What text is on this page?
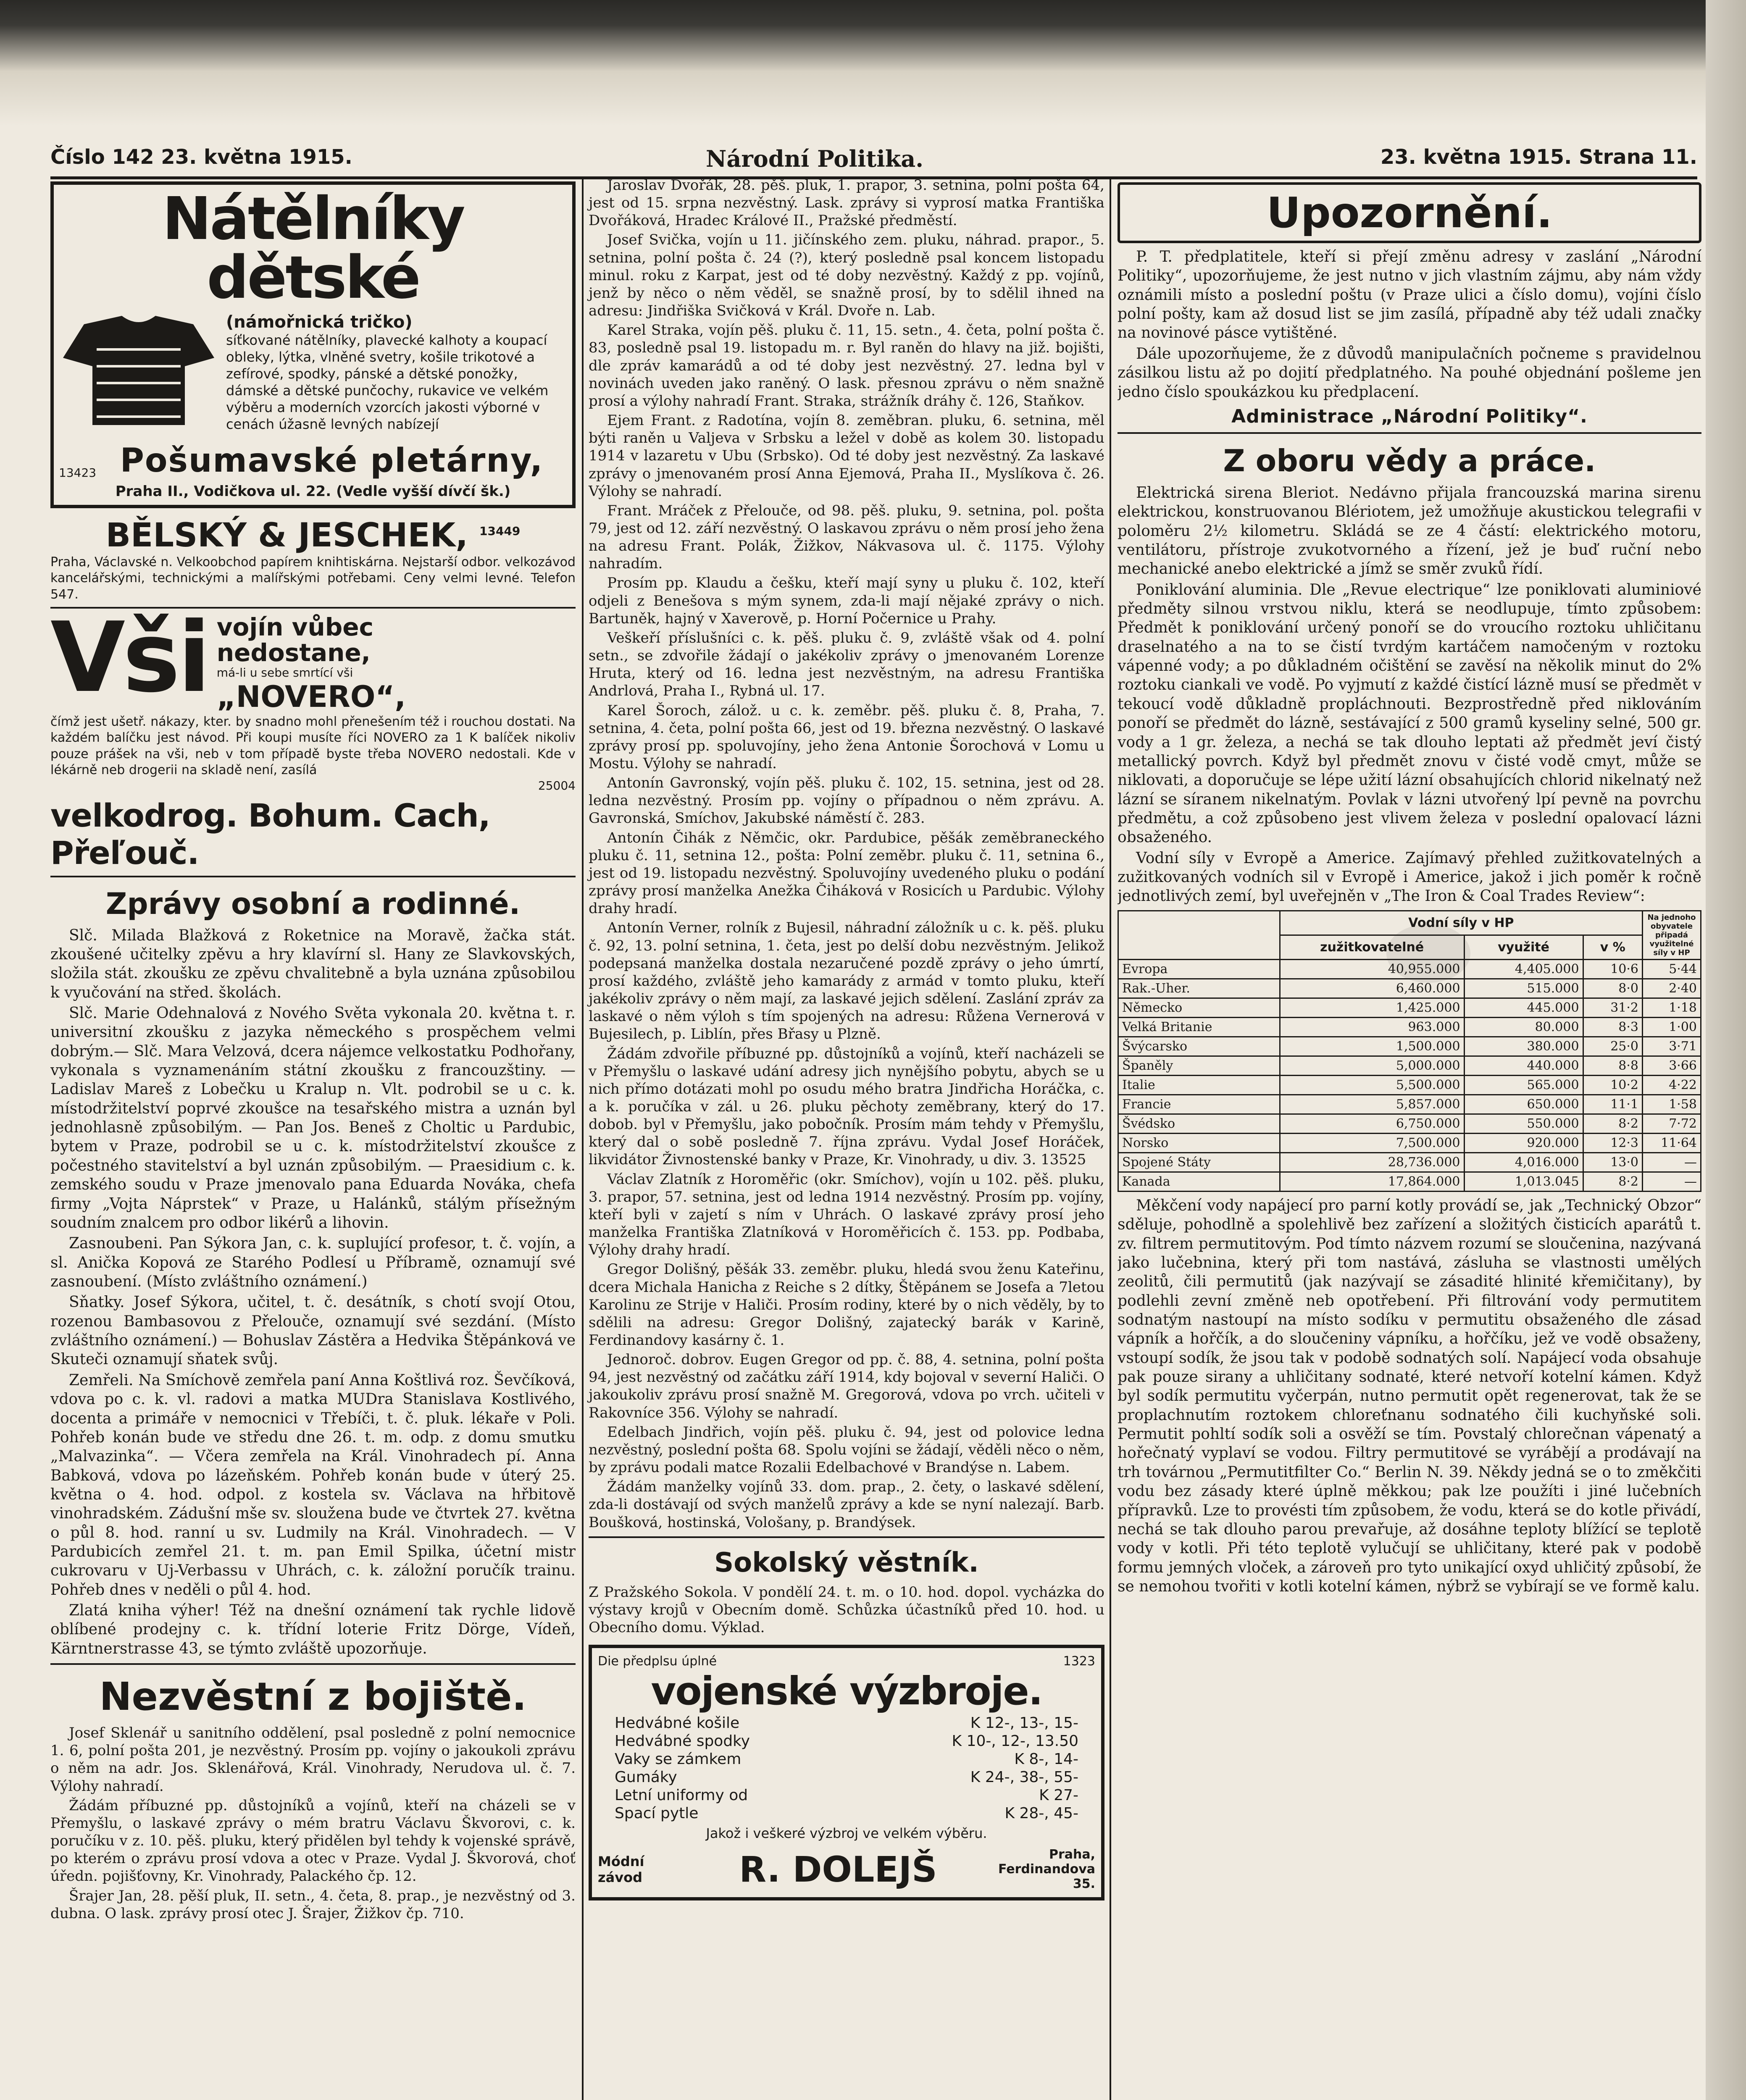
Číslo 142 23. května 1915.	Národní Politika.	23. května 1915. Strana 11.
Nátělníky dětské
(námořnická tričko)
síťkované nátělníky, plavecké kalhoty a koupací obleky, lýtka, vlněné svetry, košile trikotové a zefírové, spodky, pánské a dětské ponožky, dámské a dětské punčochy, rukavice ve velkém výběru a moderních vzorcích jakosti výborné v cenách úžasně levných nabízejí
13423 Pošumavské pletárny,
Praha II., Vodičkova ul. 22. (Vedle vyšší dívčí šk.)
BĚLSKÝ & JESCHEK, $^{13449}$
Praha, Václavské n. Velkoobchod papírem knihtiskárna. Nejstarší odbor. velkozávod kancelářskými, technickými a malířskými potřebami. Ceny velmi levné. Telefon 547.
Vši vojín vůbec
nedostane,
má-li u sebe smrtící vši
„NOVERO“,
čímž jest ušetř. nákazy, kter. by snadno mohl přenešením též i rouchou dostati. Na každém balíčku jest návod. Při koupi musíte říci NOVERO za 1 K balíček nikoliv pouze prášek na vši, neb v tom případě byste třeba NOVERO nedostali. Kde v lékárně neb drogerii na skladě není, zasílá
25004
velkodrog. Bohum. Cach, Přeľouč.
Zprávy osobní a rodinné.

Slč. Milada Blažková z Roketnice na Moravě, žačka stát. zkoušené učitelky zpěvu a hry klavírní sl. Hany ze Slavkovských, složila stát. zkoušku ze zpěvu chvalitebně a byla uznána způsobilou k vyučování na střed. školách.

Slč. Marie Odehnalová z Nového Světa vykonala 20. května t. r. universitní zkoušku z jazyka německého s prospěchem velmi dobrým.— Slč. Mara Velzová, dcera nájemce velkostatku Podhořany, vykonala s vyznamenáním státní zkoušku z francouzštiny. — Ladislav Mareš z Lobečku u Kralup n. Vlt. podrobil se u c. k. místodržitelství poprvé zkoušce na tesařského mistra a uznán byl jednohlasně způsobilým. — Pan Jos. Beneš z Choltic u Pardubic, bytem v Praze, podrobil se u c. k. místodržitelství zkoušce z počestného stavitelství a byl uznán způsobilým. — Praesidium c. k. zemského soudu v Praze jmenovalo pana Eduarda Nováka, chefa firmy „Vojta Náprstek“ v Praze, u Halánků, stálým přísežným soudním znalcem pro odbor likérů a lihovin.

Zasnoubeni. Pan Sýkora Jan, c. k. suplující profesor, t. č. vojín, a sl. Anička Kopová ze Starého Podlesí u Příbramě, oznamují své zasnoubení. (Místo zvláštního oznámení.)

Sňatky. Josef Sýkora, učitel, t. č. desátník, s chotí svojí Otou, rozenou Bambasovou z Přelouče, oznamují své sezdání. (Místo zvláštního oznámení.) — Bohuslav Zástěra a Hedvika Štěpánková ve Skuteči oznamují sňatek svůj.

Zemřeli. Na Smíchově zemřela paní Anna Koštlivá roz. Ševčíková, vdova po c. k. vl. radovi a matka MUDra Stanislava Kostlivého, docenta a primáře v nemocnici v Třebíči, t. č. pluk. lékaře v Poli. Pohřeb konán bude ve středu dne 26. t. m. odp. z domu smutku „Malvazinka“. — Včera zemřela na Král. Vinohradech pí. Anna Babková, vdova po lázeňském. Pohřeb konán bude v úterý 25. května o 4. hod. odpol. z kostela sv. Václava na hřbitově vinohradském. Zádušní mše sv. sloužena bude ve čtvrtek 27. května o půl 8. hod. ranní u sv. Ludmily na Král. Vinohradech. — V Pardubicích zemřel 21. t. m. pan Emil Spilka, účetní mistr cukrovaru v Uj-Verbassu v Uhrách, c. k. záložní poručík trainu. Pohřeb dnes v neděli o půl 4. hod.

Zlatá kniha výher! Též na dnešní oznámení tak rychle lidově oblíbené prodejny c. k. třídní loterie Fritz Dörge, Vídeň, Kärntnerstrasse 43, se týmto zvláště upozorňuje.

Nezvěstní z bojiště.

Josef Sklenář u sanitního oddělení, psal posledně z polní nemocnice 1. 6, polní pošta 201, je nezvěstný. Prosím pp. vojíny o jakoukoli zprávu o něm na adr. Jos. Sklenářová, Král. Vinohrady, Nerudova ul. č. 7. Výlohy nahradí.

Žádám příbuzné pp. důstojníků a vojínů, kteří na cházeli se v Přemyšlu, o laskavé zprávy o mém bratru Václavu Škvorovi, c. k. poručíku v z. 10. pěš. pluku, který přidělen byl tehdy k vojenské správě, po kterém o zprávu prosí vdova a otec v Praze. Vydal J. Škvorová, choť úředn. pojišťovny, Kr. Vinohrady, Palackého čp. 12.

Šrajer Jan, 28. pěší pluk, II. setn., 4. četa, 8. prap., je nezvěstný od 3. dubna. O lask. zprávy prosí otec J. Šrajer, Žižkov čp. 710.

Jaroslav Dvořák, 28. pěš. pluk, 1. prapor, 3. setnina, polní pošta 64, jest od 15. srpna nezvěstný. Lask. zprávy si vyprosí matka Františka Dvořáková, Hradec Králové II., Pražské předměstí.

Josef Svička, vojín u 11. jičínského zem. pluku, náhrad. prapor., 5. setnina, polní pošta č. 24 (?), který posledně psal koncem listopadu minul. roku z Karpat, jest od té doby nezvěstný. Každý z pp. vojínů, jenž by něco o něm věděl, se snažně prosí, by to sdělil ihned na adresu: Jindřiška Svičková v Král. Dvoře n. Lab.

Karel Straka, vojín pěš. pluku č. 11, 15. setn., 4. četa, polní pošta č. 83, posledně psal 19. listopadu m. r. Byl raněn do hlavy na již. bojišti, dle zpráv kamarádů a od té doby jest nezvěstný. 27. ledna byl v novinách uveden jako raněný. O lask. přesnou zprávu o něm snažně prosí a výlohy nahradí Frant. Straka, strážník dráhy č. 126, Staňkov.

Ejem Frant. z Radotína, vojín 8. zeměbran. pluku, 6. setnina, měl býti raněn u Valjeva v Srbsku a ležel v době as kolem 30. listopadu 1914 v lazaretu v Ubu (Srbsko). Od té doby jest nezvěstný. Za laskavé zprávy o jmenovaném prosí Anna Ejemová, Praha II., Myslíkova č. 26. Výlohy se nahradí.

Frant. Mráček z Přelouče, od 98. pěš. pluku, 9. setnina, pol. pošta 79, jest od 12. září nezvěstný. O laskavou zprávu o něm prosí jeho žena na adresu Frant. Polák, Žižkov, Nákvasova ul. č. 1175. Výlohy nahradím.

Prosím pp. Klaudu a češku, kteří mají syny u pluku č. 102, kteří odjeli z Benešova s mým synem, zda-li mají nějaké zprávy o nich. Bartuněk, hajný v Xaverově, p. Horní Počernice u Prahy.

Veškeří příslušníci c. k. pěš. pluku č. 9, zvláště však od 4. polní setn., se zdvořile žádají o jakékoliv zprávy o jmenovaném Lorenze Hruta, který od 16. ledna jest nezvěstným, na adresu Františka Andrlová, Praha I., Rybná ul. 17.

Karel Šoroch, zálož. u c. k. zeměbr. pěš. pluku č. 8, Praha, 7. setnina, 4. četa, polní pošta 66, jest od 19. března nezvěstný. O laskavé zprávy prosí pp. spoluvojíny, jeho žena Antonie Šorochová v Lomu u Mostu. Výlohy se nahradí.

Antonín Gavronský, vojín pěš. pluku č. 102, 15. setnina, jest od 28. ledna nezvěstný. Prosím pp. vojíny o případnou o něm zprávu. A. Gavronská, Smíchov, Jakubské náměstí č. 283.

Antonín Čihák z Němčic, okr. Pardubice, pěšák zeměbraneckého pluku č. 11, setnina 12., pošta: Polní zeměbr. pluku č. 11, setnina 6., jest od 19. listopadu nezvěstný. Spoluvojíny uvedeného pluku o podání zprávy prosí manželka Anežka Čiháková v Rosicích u Pardubic. Výlohy drahy hradí.

Antonín Verner, rolník z Bujesil, náhradní záložník u c. k. pěš. pluku č. 92, 13. polní setnina, 1. četa, jest po delší dobu nezvěstným. Jelikož podepsaná manželka dostala nezaručené pozdě zprávy o jeho úmrtí, prosí každého, zvláště jeho kamarády z armád v tomto pluku, kteří jakékoliv zprávy o něm mají, za laskavé jejich sdělení. Zaslání zpráv za laskavé o něm výloh s tím spojených na adresu: Růžena Vernerová v Bujesilech, p. Liblín, přes Břasy u Plzně.

Žádám zdvořile příbuzné pp. důstojníků a vojínů, kteří nacházeli se v Přemyšlu o laskavé udání adresy jich nynějšího pobytu, abych se u nich přímo dotázati mohl po osudu mého bratra Jindřicha Horáčka, c. a k. poručíka v zál. u 26. pluku pěchoty zeměbrany, který do 17. dobob. byl v Přemyšlu, jako pobočník. Prosím mám tehdy v Přemyšlu, který dal o sobě posledně 7. října zprávu. Vydal Josef Horáček, likvidátor Živnostenské banky v Praze, Kr. Vinohrady, u div. 3. 13525

Václav Zlatník z Horoměřic (okr. Smíchov), vojín u 102. pěš. pluku, 3. prapor, 57. setnina, jest od ledna 1914 nezvěstný. Prosím pp. vojíny, kteří byli v zajetí s ním v Uhrách. O laskavé zprávy prosí jeho manželka Františka Zlatníková v Horoměřicích č. 153. pp. Podbaba, Výlohy drahy hradí.

Gregor Dolišný, pěšák 33. zeměbr. pluku, hledá svou ženu Kateřinu, dcera Michala Hanicha z Reiche s 2 dítky, Štěpánem se Josefa a 7letou Karolinu ze Strije v Haliči. Prosím rodiny, které by o nich věděly, by to sdělili na adresu: Gregor Dolišný, zajatecký barák v Karině, Ferdinandovy kasárny č. 1.

Jednoroč. dobrov. Eugen Gregor od pp. č. 88, 4. setnina, polní pošta 94, jest nezvěstný od začátku září 1914, kdy bojoval v severní Haliči. O jakoukoliv zprávu prosí snažně M. Gregorová, vdova po vrch. učiteli v Rakovníce 356. Výlohy se nahradí.

Edelbach Jindřich, vojín pěš. pluku č. 94, jest od polovice ledna nezvěstný, poslední pošta 68. Spolu vojíni se žádají, věděli něco o něm, by zprávu podali matce Rozalii Edelbachové v Brandýse n. Labem.

Žádám manželky vojínů 33. dom. prap., 2. čety, o laskavé sdělení, zda-li dostávají od svých manželů zprávy a kde se nyní nalezají. Barb. Boušková, hostinská, Vološany, p. Brandýsek.

Sokolský věstník.
Z Pražského Sokola. V pondělí 24. t. m. o 10. hod. dopol. vycházka do výstavy krojů v Obecním domě. Schůzka účastníků před 10. hod. u Obecního domu. Výklad.
Die předplsu úplné	1323
vojenské výzbroje.
Hedvábné košile	K 12-, 13-, 15-
Hedvábné spodky	K 10-, 12-, 13.50
Vaky se zámkem	K 8-, 14-
Gumáky	K 24-, 38-, 55-
Letní uniformy od	K 27-
Spací pytle	K 28-, 45-
Jakož i veškeré výzbroj ve velkém výběru.
Módní závod	R. DOLEJŠ	Praha, Ferdinandova 35.
Upozornění.

P. T. předplatitele, kteří si přejí změnu adresy v zaslání „Národní Politiky“, upozorňujeme, že jest nutno v jich vlastním zájmu, aby nám vždy oznámili místo a poslední poštu (v Praze ulici a číslo domu), vojíni číslo polní pošty, kam až dosud list se jim zasílá, případně aby též udali značky na novinové pásce vytištěné.

Dále upozorňujeme, že z důvodů manipulačních počneme s pravidelnou zásilkou listu až po dojití předplatného. Na pouhé objednání pošleme jen jedno číslo spoukázkou ku předplacení.

Administrace „Národní Politiky“.
Z oboru vědy a práce.

Elektrická sirena Bleriot. Nedávno přijala francouzská marina sirenu elektrickou, konstruovanou Blériotem, jež umožňuje akustickou telegrafii v poloměru 2½ kilometru. Skládá se ze 4 částí: elektrického motoru, ventilátoru, přístroje zvukotvorného a řízení, jež je buď ruční nebo mechanické anebo elektrické a jímž se směr zvuků řídí.

Poniklování aluminia. Dle „Revue electrique“ lze poniklovati aluminiové předměty silnou vrstvou niklu, která se neodlupuje, tímto způsobem: Předmět k poniklování určený ponoří se do vroucího roztoku uhličitanu draselnatého a na to se čistí tvrdým kartáčem namočeným v roztoku vápenné vody; a po důkladném očištění se zavěsí na několik minut do 2% roztoku ciankali ve vodě. Po vyjmutí z každé čistící lázně musí se předmět v tekoucí vodě důkladně propláchnouti. Bezprostředně před niklováním ponoří se předmět do lázně, sestávající z 500 gramů kyseliny selné, 500 gr. vody a 1 gr. železa, a nechá se tak dlouho leptati až předmět jeví čistý metallický povrch. Když byl předmět znovu v čisté vodě cmyt, může se niklovati, a doporučuje se lépe užití lázní obsahujících chlorid nikelnatý než lázní se síranem nikelnatým. Povlak v lázni utvořený lpí pevně na povrchu předmětu, a což způsobeno jest vlivem železa v poslední opalovací lázni obsaženého.

Vodní síly v Evropě a Americe. Zajímavý přehled zužitkovatelných a zužitkovaných vodních sil v Evropě i Americe, jakož i jich poměr k ročně jednotlivých zemí, byl uveřejněn v „The Iron & Coal Trades Review“:

	Vodní síly v HP			Na jednoho obyvatele připadá využitelné síly v HP
	zužitkovatelné	využité	v %	
Evropa	40,955.000	4,405.000	10·6	5·44
Rak.-Uher.	6,460.000	515.000	8·0	2·40
Německo	1,425.000	445.000	31·2	1·18
Velká Britanie	963.000	80.000	8·3	1·00
Švýcarsko	1,500.000	380.000	25·0	3·71
Španěly	5,000.000	440.000	8·8	3·66
Italie	5,500.000	565.000	10·2	4·22
Francie	5,857.000	650.000	11·1	1·58
Švédsko	6,750.000	550.000	8·2	7·72
Norsko	7,500.000	920.000	12·3	11·64
Spojené Státy	28,736.000	4,016.000	13·0	—
Kanada	17,864.000	1,013.045	8·2	—

Měkčení vody napájecí pro parní kotly provádí se, jak „Technický Obzor“ sděluje, pohodlně a spolehlivě bez zařízení a složitých čisticích aparátů t. zv. filtrem permutitovým. Pod tímto názvem rozumí se sloučenina, nazývaná jako lučebnina, který při tom nastává, zásluha se vlastnosti umělých zeolitů, čili permutitů (jak nazývají se zásadité hlinité křemičitany), by podlehli zevní změně neb opotřebení. Při filtrování vody permutitem sodnatým nastoupí na místo sodíku v permutitu obsaženého dle zásad vápník a hořčík, a do sloučeniny vápníku, a hořčíku, jež ve vodě obsaženy, vstoupí sodík, že jsou tak v podobě sodnatých solí. Napájecí voda obsahuje pak pouze sirany a uhličitany sodnaté, které netvoří kotelní kámen. Když byl sodík permutitu vyčerpán, nutno permutit opět regenerovat, tak že se proplachnutím roztokem chloreťnanu sodnatého čili kuchyňské soli. Permutit pohltí sodík soli a osvěží se tím. Povstalý chlorečnan vápenatý a hořečnatý vyplaví se vodou. Filtry permutitové se vyrábějí a prodávají na trh továrnou „Permutitfilter Co.“ Berlin N. 39. Někdy jedná se o to změkčiti vodu bez zásady které úplně měkkou; pak lze použíti i jiné lučebních přípravků. Lze to provésti tím způsobem, že vodu, která se do kotle přivádí, nechá se tak dlouho parou prevařuje, až dosáhne teploty blížící se teplotě vody v kotli. Při této teplotě vylučují se uhličitany, které pak v podobě formu jemných vloček, a zároveň pro tyto unikající oxyd uhličitý způsobí, že se nemohou tvořiti v kotli kotelní kámen, nýbrž se vybírají se ve formě kalu.
